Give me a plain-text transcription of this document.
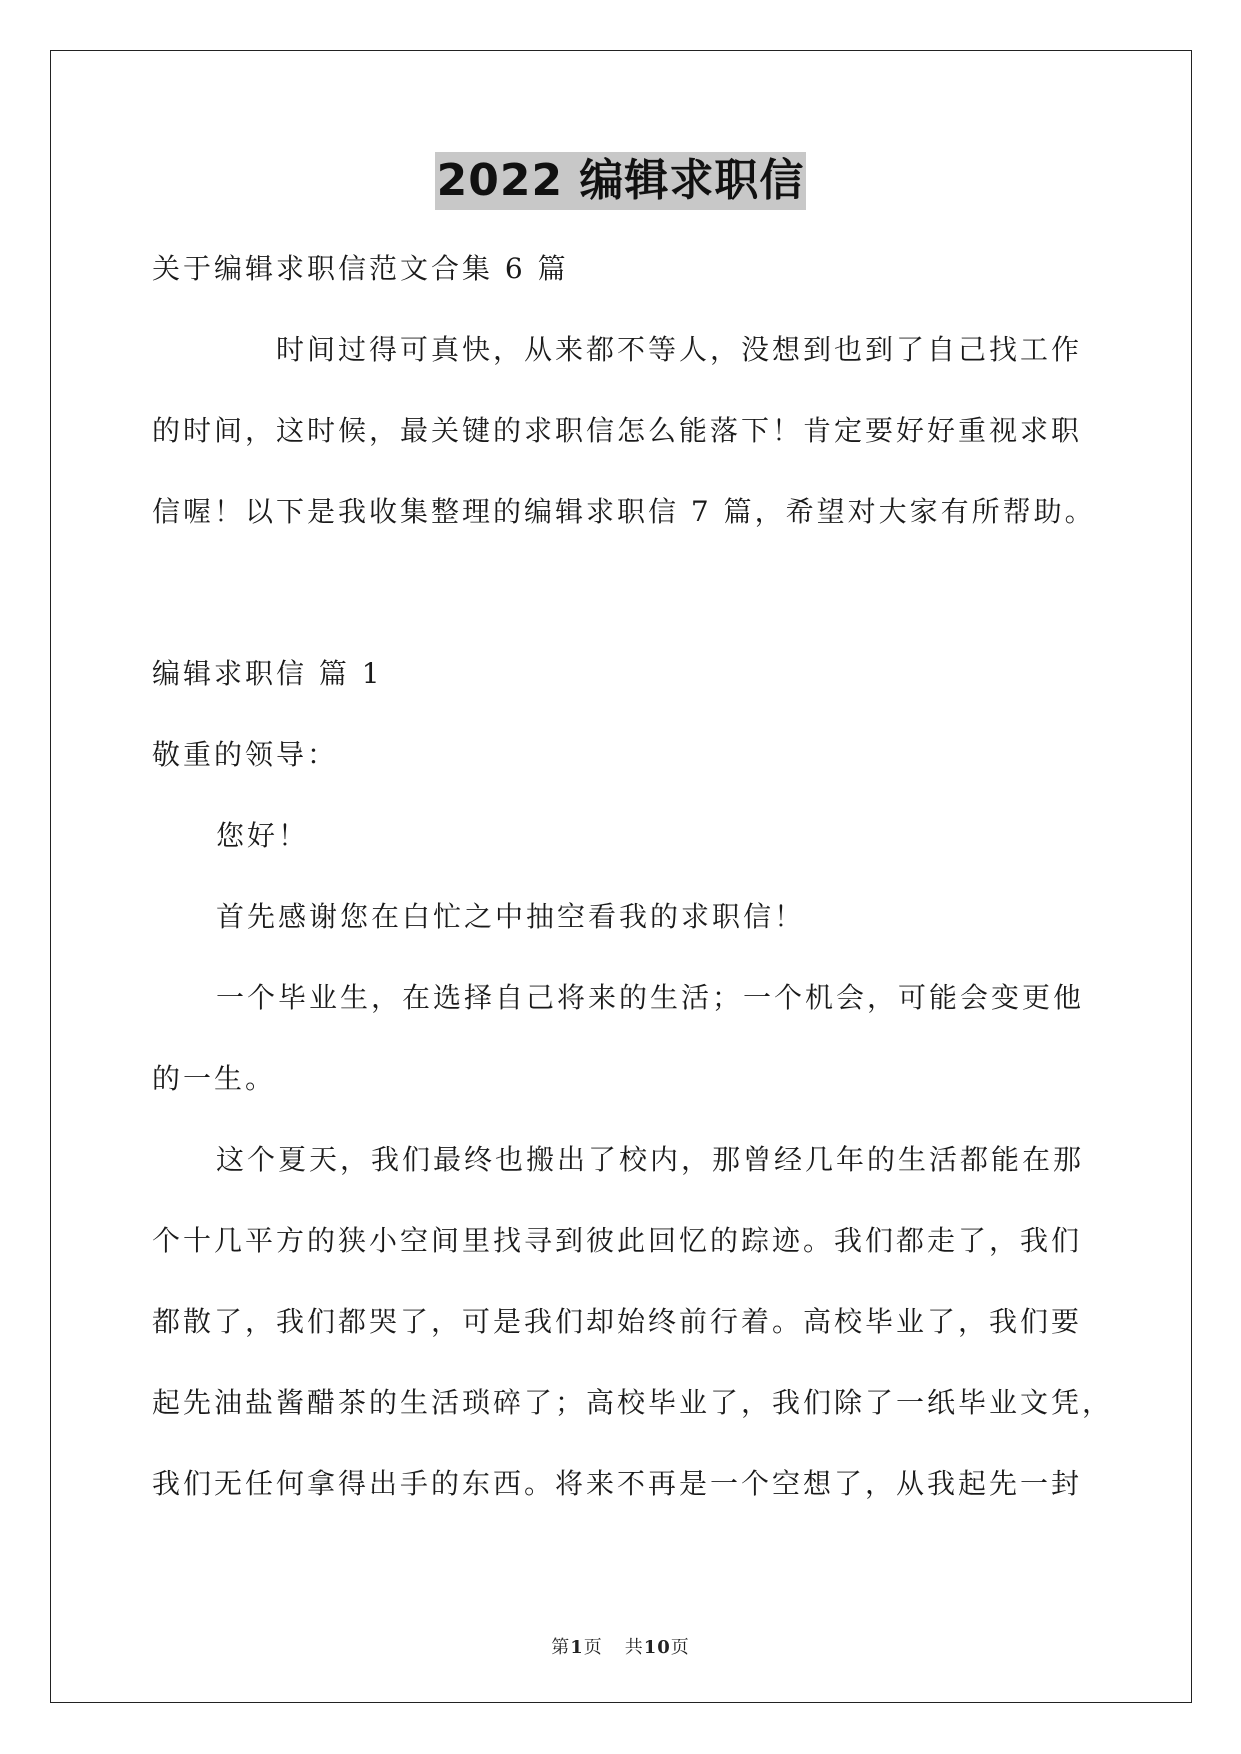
2022 编辑求职信
关于编辑求职信范文合集 6 篇
时间过得可真快，从来都不等人，没想到也到了自己找工作
的时间，这时候，最关键的求职信怎么能落下！肯定要好好重视求职
信喔！以下是我收集整理的编辑求职信 7 篇，希望对大家有所帮助。
编辑求职信 篇 1
敬重的领导：
您好！
首先感谢您在白忙之中抽空看我的求职信！
一个毕业生，在选择自己将来的生活；一个机会，可能会变更他
的一生。
这个夏天，我们最终也搬出了校内，那曾经几年的生活都能在那
个十几平方的狭小空间里找寻到彼此回忆的踪迹。我们都走了，我们
都散了，我们都哭了，可是我们却始终前行着。高校毕业了，我们要
起先油盐酱醋茶的生活琐碎了；高校毕业了，我们除了一纸毕业文凭，
我们无任何拿得出手的东西。将来不再是一个空想了，从我起先一封
第1页 共10页
